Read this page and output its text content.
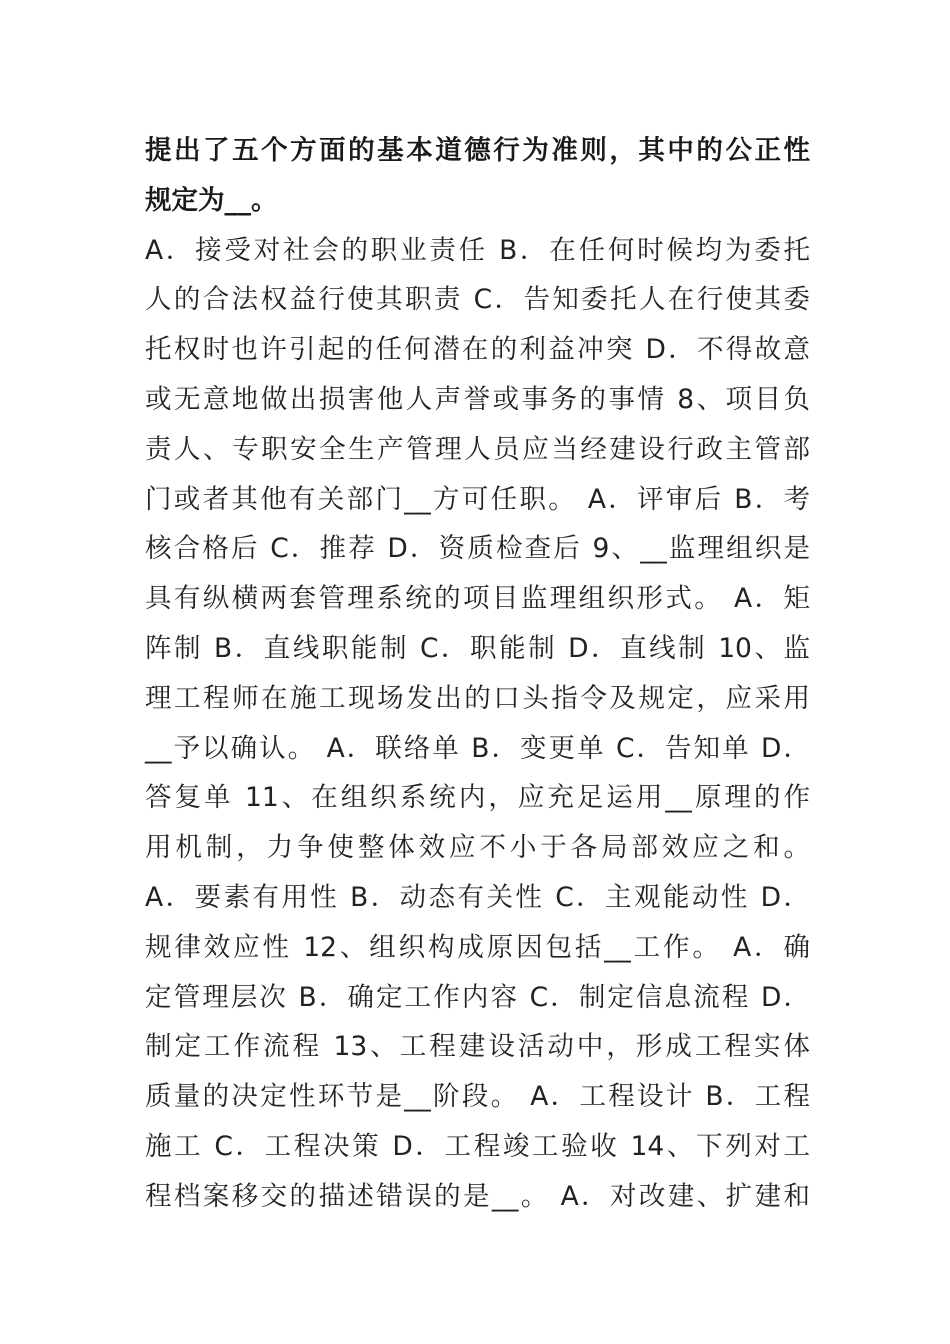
提出了五个方面的基本道德行为准则，其中的公正性
规定为__。
A．接受对社会的职业责任 B．在任何时候均为委托
人的合法权益行使其职责 C．告知委托人在行使其委
托权时也许引起的任何潜在的利益冲突 D．不得故意
或无意地做出损害他人声誉或事务的事情 8、项目负
责人、专职安全生产管理人员应当经建设行政主管部
门或者其他有关部门__方可任职。 A．评审后 B．考
核合格后 C．推荐 D．资质检查后 9、__监理组织是
具有纵横两套管理系统的项目监理组织形式。 A．矩
阵制 B．直线职能制 C．职能制 D．直线制 10、监
理工程师在施工现场发出的口头指令及规定，应采用
__予以确认。 A．联络单 B．变更单 C．告知单 D．
答复单 11、在组织系统内，应充足运用__原理的作
用机制，力争使整体效应不小于各局部效应之和。
A．要素有用性 B．动态有关性 C．主观能动性 D．
规律效应性 12、组织构成原因包括__工作。 A．确
定管理层次 B．确定工作内容 C．制定信息流程 D．
制定工作流程 13、工程建设活动中，形成工程实体
质量的决定性环节是__阶段。 A．工程设计 B．工程
施工 C．工程决策 D．工程竣工验收 14、下列对工
程档案移交的描述错误的是__。 A．对改建、扩建和
